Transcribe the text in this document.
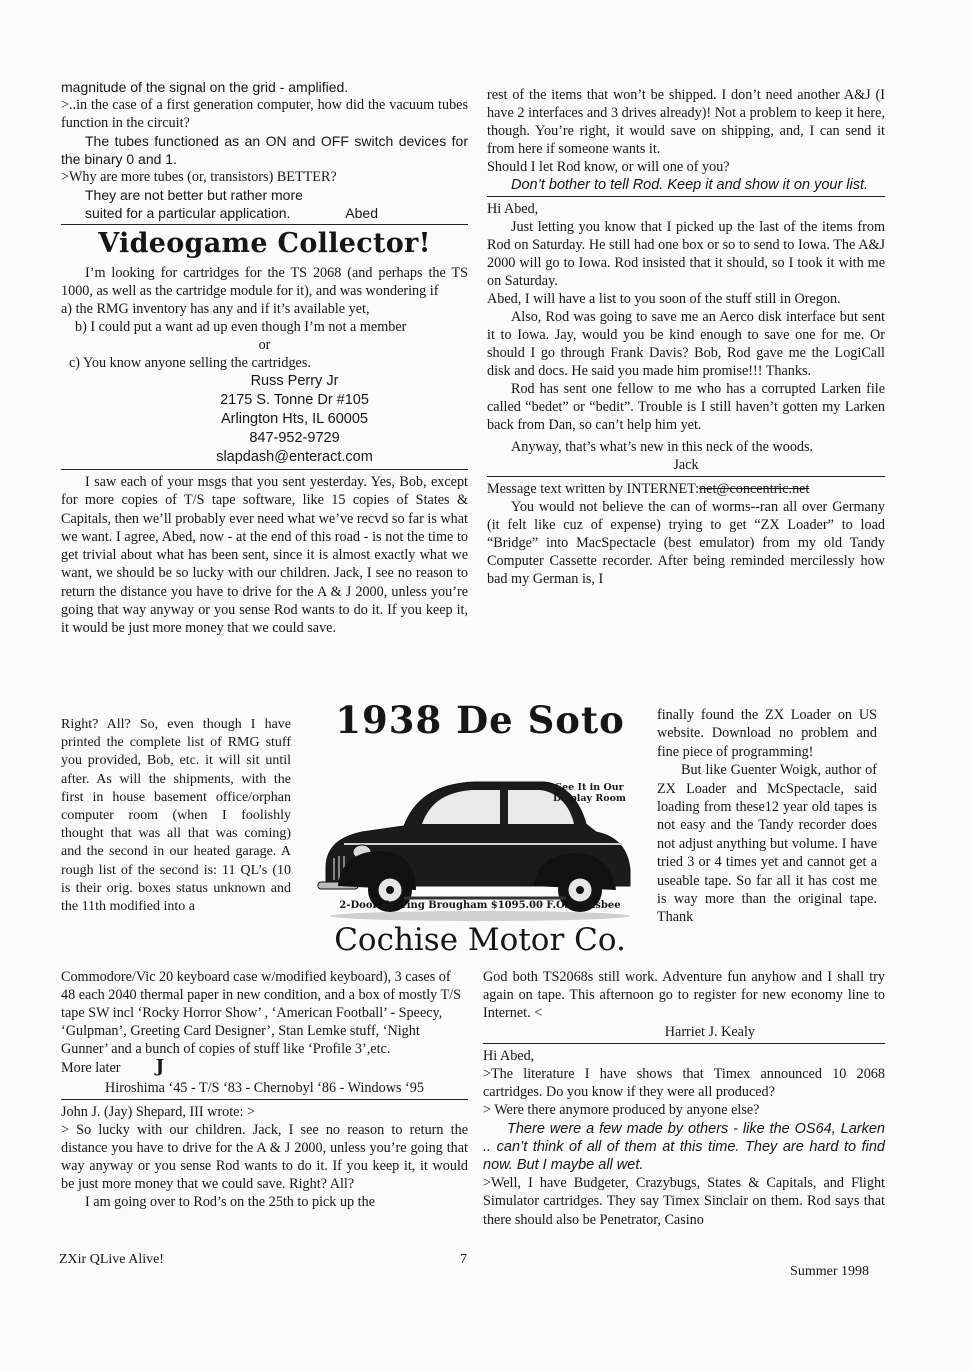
magnitude of the signal on the grid - amplified.

>..in the case of a first generation computer, how did the vacuum tubes function in the circuit?

The tubes functioned as an ON and OFF switch devices for the binary 0 and 1.

>Why are more tubes (or, transistors) BETTER?

They are not better but rather more suited for a particular application.	Abed
Videogame Collector!

I’m looking for cartridges for the TS 2068 (and perhaps the TS 1000, as well as the cartridge module for it), and was wondering if

a) the RMG inventory has any and if it’s available yet,

b) I could put a want ad up even though I’m not a member

or

c) You know anyone selling the cartridges.

Russ Perry Jr
2175 S. Tonne Dr #105
Arlington Hts, IL 60005
847-952-9729
slapdash@enteract.com

I saw each of your msgs that you sent yesterday. Yes, Bob, except for more copies of T/S tape software, like 15 copies of States & Capitals, then we’ll probably ever need what we’ve recvd so far is what we want. I agree, Abed, now - at the end of this road - is not the time to get trivial about what has been sent, since it is almost exactly what we want, we should be so lucky with our children. Jack, I see no reason to return the distance you have to drive for the A & J 2000, unless you’re going that way anyway or you sense Rod wants to do it. If you keep it, it would be just more money that we could save.

Right? All? So, even though I have printed the complete list of RMG stuff you provided, Bob, etc. it will sit until after. As will the shipments, with the first in house basement office/orphan computer room (when I foolishly thought that was all that was coming) and the second in our heated garage. A rough list of the second is: 11 QL’s (10 is their orig. boxes status unknown and the 11th modified into a

1938 De Soto
See It in Our
Display Room
2-Door Touring Brougham $1095.00 F.O.B. Bisbee
Cochise Motor Co.

Commodore/Vic 20 keyboard case w/modified keyboard), 3 cases of 48 each 2040 thermal paper in new condition, and a box of mostly T/S tape SW incl ‘Rocky Horror Show’ , ‘American Football’ - Speecy, ‘Gulpman’, Greeting Card Designer’, Stan Lemke stuff, ‘Night Gunner’ and a bunch of copies of stuff like ‘Profile 3’,etc.

More later J
Hiroshima ‘45 - T/S ‘83 - Chernobyl ‘86 - Windows ‘95

John J. (Jay) Shepard, III wrote: >

> So lucky with our children. Jack, I see no reason to return the distance you have to drive for the A & J 2000, unless you’re going that way anyway or you sense Rod wants to do it. If you keep it, it would be just more money that we could save. Right? All?

I am going over to Rod’s on the 25th to pick up the

rest of the items that won’t be shipped. I don’t need another A&J (I have 2 interfaces and 3 drives already)! Not a problem to keep it here, though. You’re right, it would save on shipping, and, I can send it from here if someone wants it.

Should I let Rod know, or will one of you?

Don’t bother to tell Rod. Keep it and show it on your list.

Hi Abed,

Just letting you know that I picked up the last of the items from Rod on Saturday. He still had one box or so to send to Iowa. The A&J 2000 will go to Iowa. Rod insisted that it should, so I took it with me on Saturday.

Abed, I will have a list to you soon of the stuff still in Oregon.

Also, Rod was going to save me an Aerco disk interface but sent it to Iowa. Jay, would you be kind enough to save one for me. Or should I go through Frank Davis? Bob, Rod gave me the LogiCall disk and docs. He said you made him promise!!! Thanks.

Rod has sent one fellow to me who has a corrupted Larken file called “bedet” or “bedit”. Trouble is I still haven’t gotten my Larken back from Dan, so can’t help him yet.

Anyway, that’s what’s new in this neck of the woods.

Jack

Message text written by INTERNET:net@concentric.net

You would not believe the can of worms--ran all over Germany (it felt like cuz of expense) trying to get “ZX Loader” to load “Bridge” into MacSpectacle (best emulator) from my old Tandy Computer Cassette recorder. After being reminded mercilessly how bad my German is, I

finally found the ZX Loader on US website. Download no problem and fine piece of programming!

But like Guenter Woigk, author of ZX Loader and McSpectacle, said loading from these12 year old tapes is not easy and the Tandy recorder does not adjust anything but volume. I have tried 3 or 4 times yet and cannot get a useable tape. So far all it has cost me is way more than the original tape. Thank

God both TS2068s still work. Adventure fun anyhow and I shall try again on tape. This afternoon go to register for new economy line to Internet. <

Harriet J. Kealy

Hi Abed,

>The literature I have shows that Timex announced 10 2068 cartridges. Do you know if they were all produced?

> Were there anymore produced by anyone else?

There were a few made by others - like the OS64, Larken .. can’t think of all of them at this time. They are hard to find now. But I maybe all wet.

>Well, I have Budgeter, Crazybugs, States & Capitals, and Flight Simulator cartridges. They say Timex Sinclair on them. Rod says that there should also be Penetrator, Casino

ZXir QLive Alive!	7
Summer 1998
